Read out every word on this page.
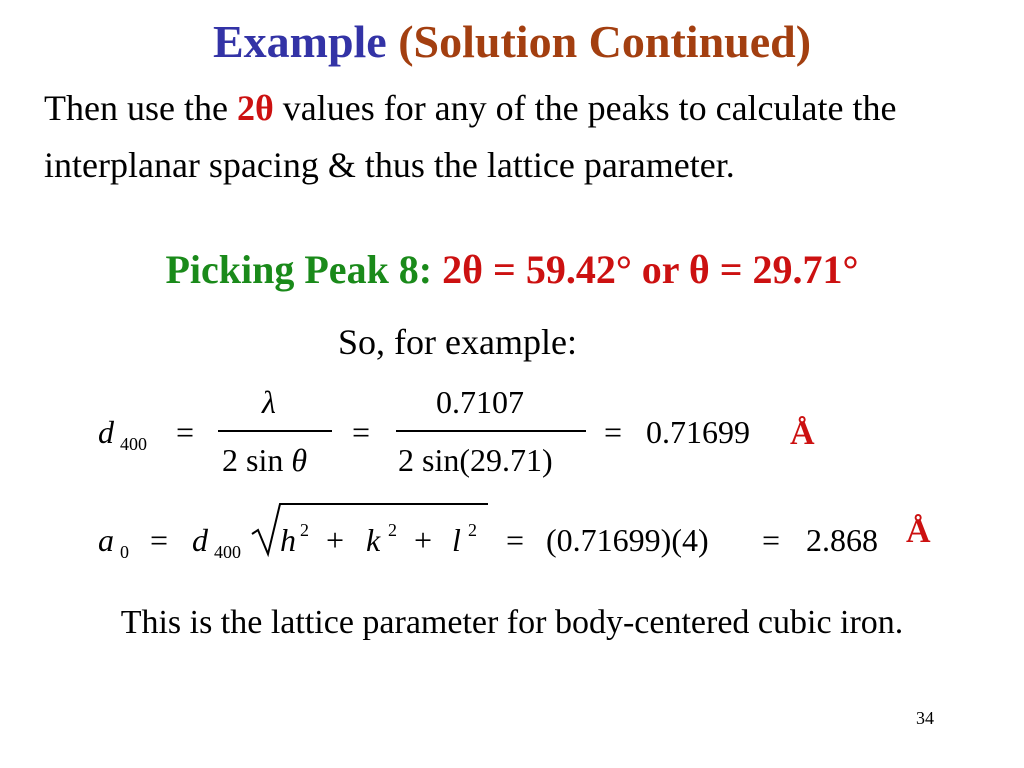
Example (Solution Continued)
Then use the 2θ values for any of the peaks to calculate the interplanar spacing & thus the lattice parameter.
Picking Peak 8: 2θ = 59.42° or θ = 29.71°
So, for example:
d 400 =
λ
2 sin θ
=
0.7107
2 sin(29.71)
= 0.71699 Å
a 0 = d 400 h 2 + k 2 + l 2 = (0.71699)(4) = 2.868 Å
This is the lattice parameter for body-centered cubic iron.
34
